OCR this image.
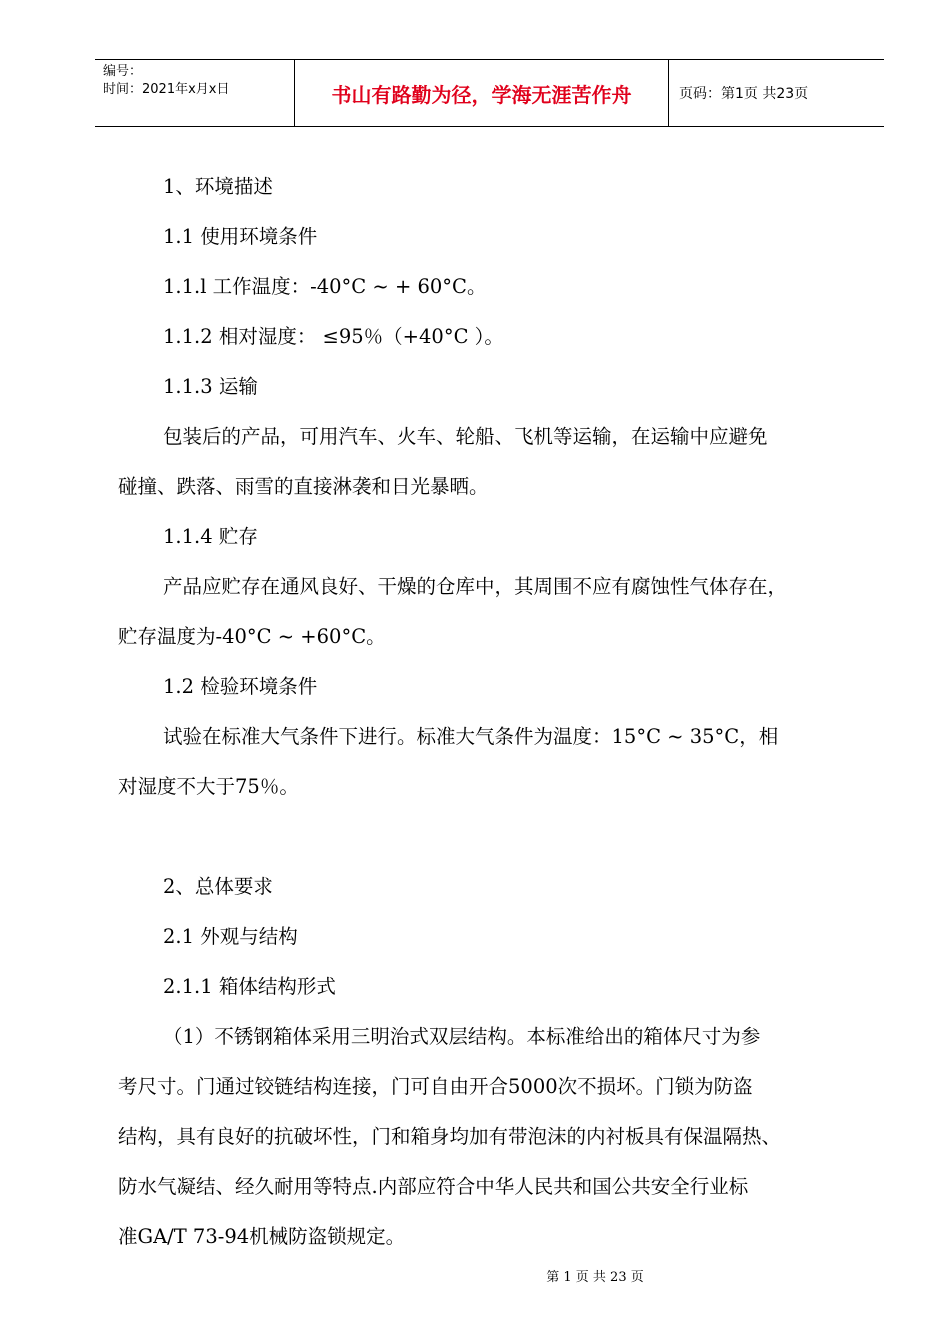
编号：
时间：2021年x月x日	书山有路勤为径，学海无涯苦作舟	页码：第1页 共23页
1、环境描述
1.1 使用环境条件
1.1.l 工作温度：-40°C ~ + 60°C。
1.1.2 相对湿度： ≤95％（+40°C ）。
1.1.3 运输
包装后的产品，可用汽车、火车、轮船、飞机等运输，在运输中应避免
碰撞、跌落、雨雪的直接淋袭和日光暴晒。
1.1.4 贮存
产品应贮存在通风良好、干燥的仓库中，其周围不应有腐蚀性气体存在，
贮存温度为-40°C ~ +60°C。
1.2 检验环境条件
试验在标准大气条件下进行。标准大气条件为温度：15°C ~ 35°C，相
对湿度不大于75％。
2、总体要求
2.1 外观与结构
2.1.1 箱体结构形式
（1）不锈钢箱体采用三明治式双层结构。本标准给出的箱体尺寸为参
考尺寸。门通过铰链结构连接，门可自由开合5000次不损坏。门锁为防盗
结构，具有良好的抗破坏性，门和箱身均加有带泡沫的内衬板具有保温隔热、
防水气凝结、经久耐用等特点.内部应符合中华人民共和国公共安全行业标
准GA/T 73-94机械防盗锁规定。
第 1 页 共 23 页
